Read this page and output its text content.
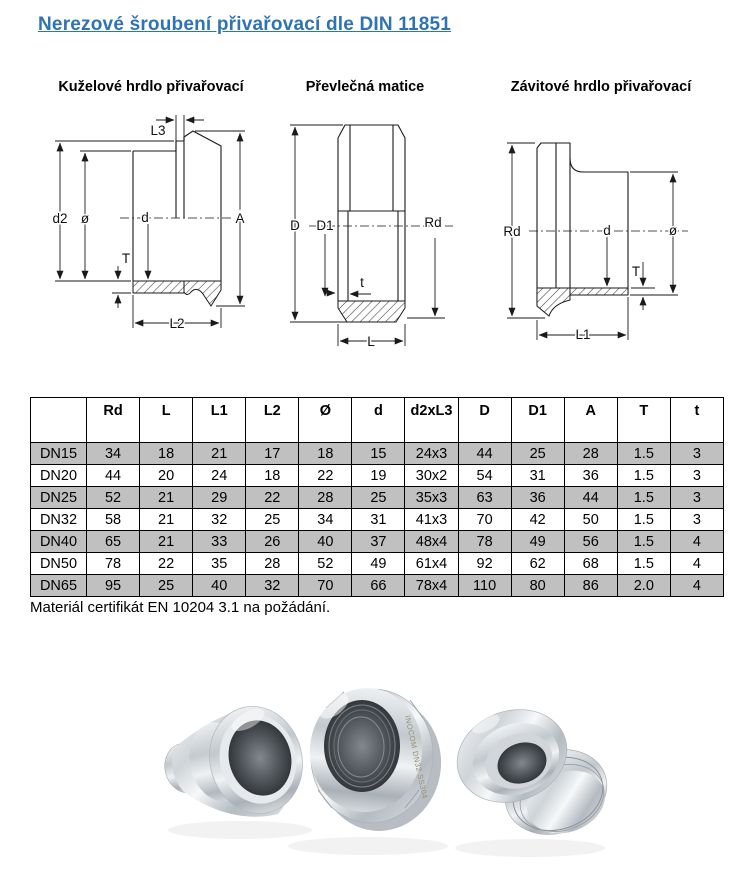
Nerezové šroubení přivařovací dle DIN 11851
Kuželové hrdlo přivařovací	Převlečná matice	Závitové hrdlo přivařovací
L3
d2 ø	d	A
T
L2
D D1	Rd
t
L
Rd	d	ø
T
L1
	Rd	L	L1	L2	Ø	d	d2xL3	D	D1	A	T	t
DN15	34	18	21	17	18	15	24x3	44	25	28	1.5	3
DN20	44	20	24	18	22	19	30x2	54	31	36	1.5	3
DN25	52	21	29	22	28	25	35x3	63	36	44	1.5	3
DN32	58	21	32	25	34	31	41x3	70	42	50	1.5	3
DN40	65	21	33	26	40	37	48x4	78	49	56	1.5	4
DN50	78	22	35	28	52	49	61x4	92	62	68	1.5	4
DN65	95	25	40	32	70	66	78x4	110	80	86	2.0	4
Materiál certifikát EN 10204 3.1 na požádání.
INOCOM DN32 SS304
